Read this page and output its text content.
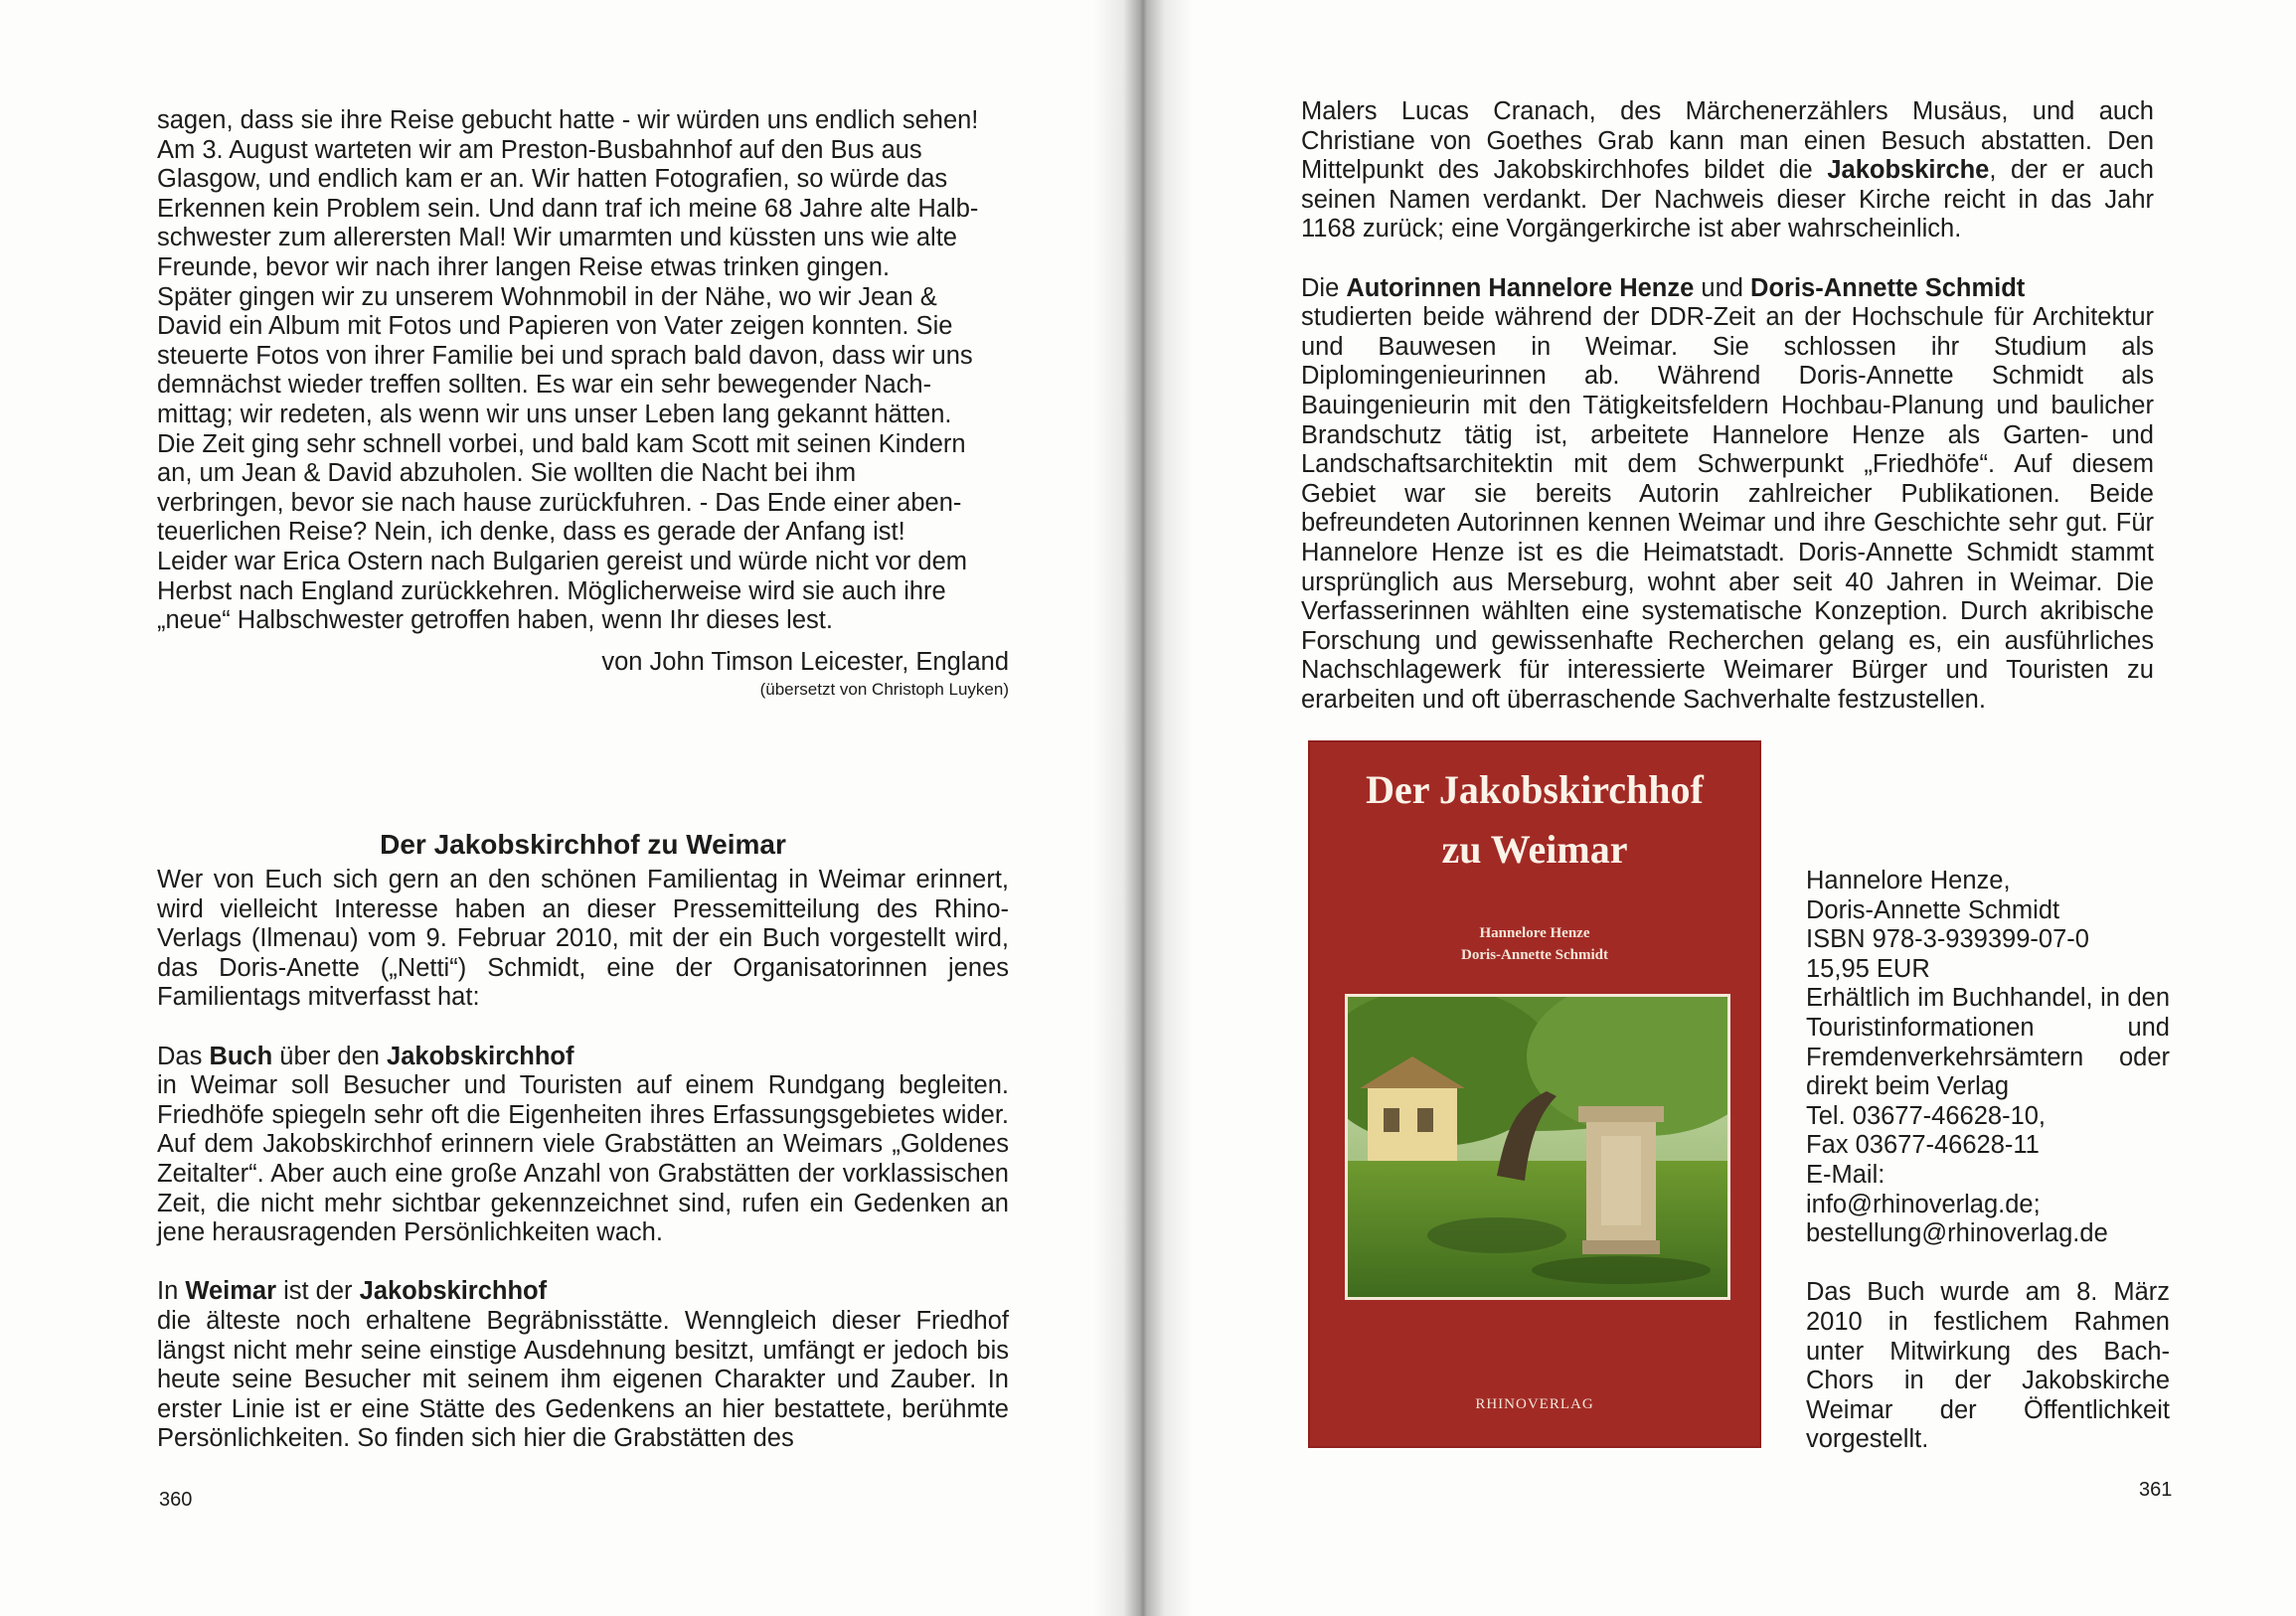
sagen, dass sie ihre Reise gebucht hatte - wir würden uns endlich sehen!

Am 3. August warteten wir am Preston-Busbahnhof auf den Bus aus

Glasgow, und endlich kam er an. Wir hatten Fotografien, so würde das

Erkennen kein Problem sein. Und dann traf ich meine 68 Jahre alte Halb-

schwester zum allerersten Mal! Wir umarmten und küssten uns wie alte

Freunde, bevor wir nach ihrer langen Reise etwas trinken gingen.

Später gingen wir zu unserem Wohnmobil in der Nähe, wo wir Jean &

David ein Album mit Fotos und Papieren von Vater zeigen konnten. Sie

steuerte Fotos von ihrer Familie bei und sprach bald davon, dass wir uns

demnächst wieder treffen sollten. Es war ein sehr bewegender Nach-

mittag; wir redeten, als wenn wir uns unser Leben lang gekannt hätten.

Die Zeit ging sehr schnell vorbei, und bald kam Scott mit seinen Kindern

an, um Jean & David abzuholen. Sie wollten die Nacht bei ihm

verbringen, bevor sie nach hause zurückfuhren. - Das Ende einer aben-

teuerlichen Reise? Nein, ich denke, dass es gerade der Anfang ist!

Leider war Erica Ostern nach Bulgarien gereist und würde nicht vor dem

Herbst nach England zurückkehren. Möglicherweise wird sie auch ihre

„neue“ Halbschwester getroffen haben, wenn Ihr dieses lest.

von John Timson Leicester, England
(übersetzt von Christoph Luyken)
Der Jakobskirchhof zu Weimar

Wer von Euch sich gern an den schönen Familientag in Weimar erinnert, wird vielleicht Interesse haben an dieser Pressemitteilung des Rhino-Verlags (Ilmenau) vom 9. Februar 2010, mit der ein Buch vorgestellt wird, das Doris-Anette („Netti“) Schmidt, eine der Organisatorinnen jenes Familientags mitverfasst hat:

Das Buch über den Jakobskirchhof

in Weimar soll Besucher und Touristen auf einem Rundgang begleiten. Friedhöfe spiegeln sehr oft die Eigenheiten ihres Erfassungsgebietes wider. Auf dem Jakobskirchhof erinnern viele Grabstätten an Weimars „Goldenes Zeitalter“. Aber auch eine große Anzahl von Grabstätten der vorklassischen Zeit, die nicht mehr sichtbar gekennzeichnet sind, rufen ein Gedenken an jene herausragenden Persönlichkeiten wach.

In Weimar ist der Jakobskirchhof

die älteste noch erhaltene Begräbnisstätte. Wenngleich dieser Friedhof längst nicht mehr seine einstige Ausdehnung besitzt, umfängt er jedoch bis heute seine Besucher mit seinem ihm eigenen Charakter und Zauber. In erster Linie ist er eine Stätte des Gedenkens an hier bestattete, berühmte Persönlichkeiten. So finden sich hier die Grabstätten des

360

Malers Lucas Cranach, des Märchenerzählers Musäus, und auch Christiane von Goethes Grab kann man einen Besuch abstatten. Den Mittelpunkt des Jakobskirchhofes bildet die Jakobskirche, der er auch seinen Namen verdankt. Der Nachweis dieser Kirche reicht in das Jahr 1168 zurück; eine Vorgängerkirche ist aber wahrscheinlich.

Die Autorinnen Hannelore Henze und Doris-Annette Schmidt

studierten beide während der DDR-Zeit an der Hochschule für Architektur und Bauwesen in Weimar. Sie schlossen ihr Studium als Diplomingenieurinnen ab. Während Doris-Annette Schmidt als Bauingenieurin mit den Tätigkeitsfeldern Hochbau-Planung und baulicher Brandschutz tätig ist, arbeitete Hannelore Henze als Garten- und Landschaftsarchitektin mit dem Schwerpunkt „Friedhöfe“. Auf diesem Gebiet war sie bereits Autorin zahlreicher Publikationen. Beide befreundeten Autorinnen kennen Weimar und ihre Geschichte sehr gut. Für Hannelore Henze ist es die Heimatstadt. Doris-Annette Schmidt stammt ursprünglich aus Merseburg, wohnt aber seit 40 Jahren in Weimar. Die Verfasserinnen wählten eine systematische Konzeption. Durch akribische Forschung und gewissenhafte Recherchen gelang es, ein ausführliches Nachschlagewerk für interessierte Weimarer Bürger und Touristen zu erarbeiten und oft überraschende Sachverhalte festzustellen.

Der Jakobskirchhof
zu Weimar
Hannelore Henze
Doris-Annette Schmidt
RHINOVERLAG

Hannelore Henze,

Doris-Annette Schmidt

ISBN 978-3-939399-07-0

15,95 EUR

Erhältlich im Buchhandel, in den Touristinformationen und Fremdenverkehrsämtern oder direkt beim Verlag

Tel. 03677-46628-10,

Fax 03677-46628-11

E-Mail:

info@rhinoverlag.de;

bestellung@rhinoverlag.de

Das Buch wurde am 8. März 2010 in festlichem Rahmen unter Mitwirkung des Bach-Chors in der Jakobskirche Weimar der Öffentlichkeit vorgestellt.

361
